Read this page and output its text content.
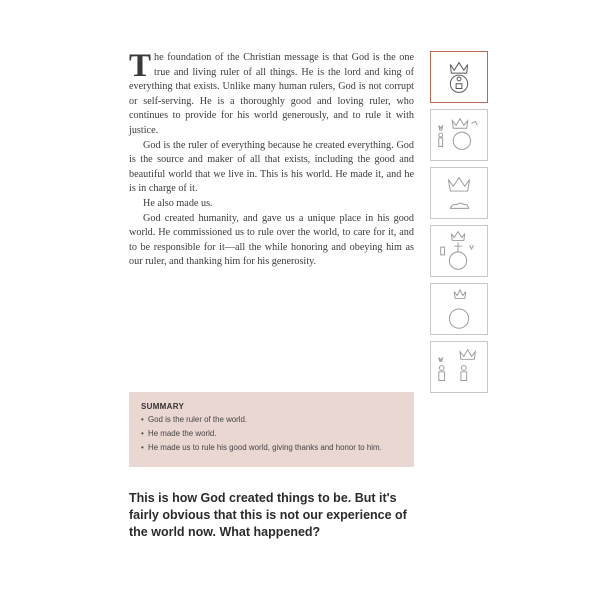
The foundation of the Christian message is that God is the one true and living ruler of all things. He is the lord and king of everything that exists. Unlike many human rulers, God is not corrupt or self-serving. He is a thoroughly good and loving ruler, who continues to provide for his world generously, and to rule it with justice.

God is the ruler of everything because he created everything. God is the source and maker of all that exists, including the good and beautiful world that we live in. This is his world. He made it, and he is in charge of it.

He also made us.

God created humanity, and gave us a unique place in his good world. He commissioned us to rule over the world, to care for it, and to be responsible for it—all the while honoring and obeying him as our ruler, and thanking him for his generosity.

SUMMARY
• God is the ruler of the world.
• He made the world.
• He made us to rule his good world, giving thanks and honor to him.
This is how God created things to be. But it's fairly obvious that this is not our experience of the world now. What happened?
